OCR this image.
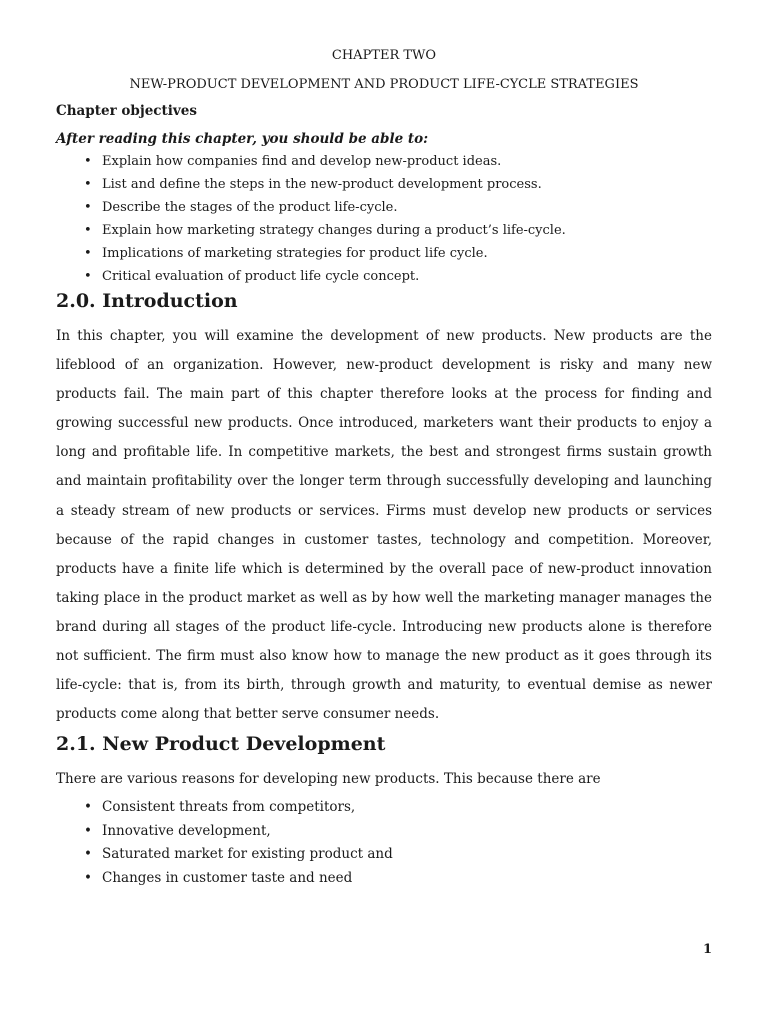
CHAPTER TWO
NEW-PRODUCT DEVELOPMENT AND PRODUCT LIFE-CYCLE STRATEGIES
Chapter objectives
After reading this chapter, you should be able to:
• Explain how companies find and develop new-product ideas.
• List and define the steps in the new-product development process.
• Describe the stages of the product life-cycle.
• Explain how marketing strategy changes during a product’s life-cycle.
• Implications of marketing strategies for product life cycle.
• Critical evaluation of product life cycle concept.
2.0. Introduction

In this chapter, you will examine the development of new products. New products are the lifeblood of an organization. However, new-product development is risky and many new products fail. The main part of this chapter therefore looks at the process for finding and growing successful new products. Once introduced, marketers want their products to enjoy a long and profitable life. In competitive markets, the best and strongest firms sustain growth and maintain profitability over the longer term through successfully developing and launching a steady stream of new products or services. Firms must develop new products or services because of the rapid changes in customer tastes, technology and competition. Moreover, products have a finite life which is determined by the overall pace of new-product innovation taking place in the product market as well as by how well the marketing manager manages the brand during all stages of the product life-cycle. Introducing new products alone is therefore not sufficient. The firm must also know how to manage the new product as it goes through its life-cycle: that is, from its birth, through growth and maturity, to eventual demise as newer products come along that better serve consumer needs.

2.1. New Product Development

There are various reasons for developing new products. This because there are

• Consistent threats from competitors,
• Innovative development,
• Saturated market for existing product and
• Changes in customer taste and need
1
